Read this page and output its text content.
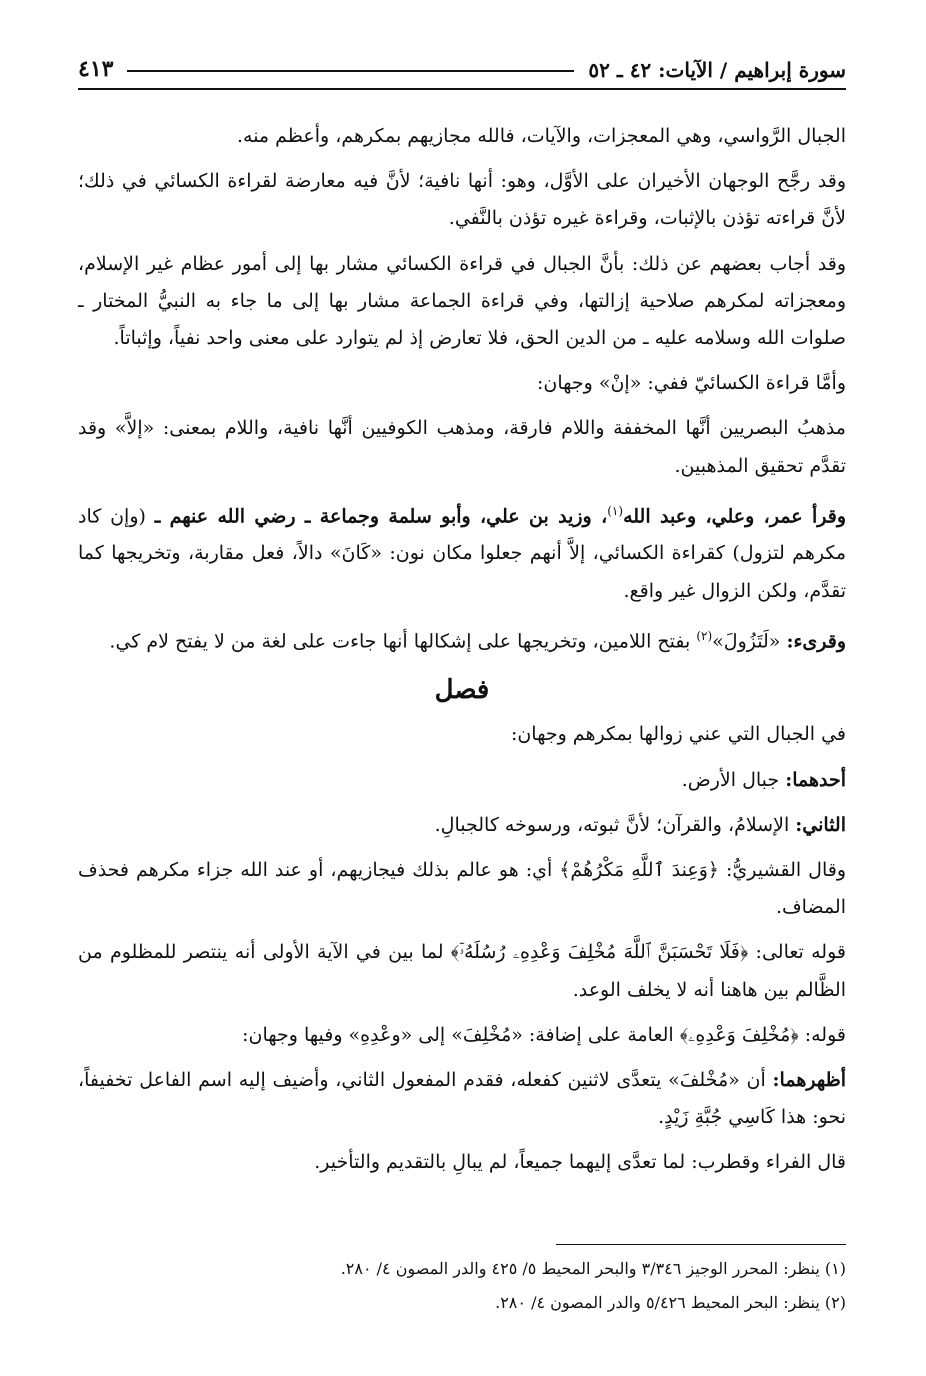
سورة إبراهيم / الآيات: ٤٢ ـ ٥٢
٤١٣

الجبال الرَّواسي، وهي المعجزات، والآيات، فالله مجازيهم بمكرهم، وأعظم منه.

وقد رجَّح الوجهان الأخيران على الأوَّل، وهو: أنها نافية؛ لأنَّ فيه معارضة لقراءة الكسائي في ذلك؛ لأنَّ قراءته تؤذن بالإثبات، وقراءة غيره تؤذن بالنَّفي.

وقد أجاب بعضهم عن ذلك: بأنَّ الجبال في قراءة الكسائي مشار بها إلى أمور عظام غير الإسلام، ومعجزاته لمكرهم صلاحية إزالتها، وفي قراءة الجماعة مشار بها إلى ما جاء به النبيُّ المختار ـ صلوات الله وسلامه عليه ـ من الدين الحق، فلا تعارض إذ لم يتوارد على معنى واحد نفياً، وإثباتاً.

وأمَّا قراءة الكسائيّ ففي: «إنْ» وجهان:

مذهبُ البصريين أنَّها المخففة واللام فارقة، ومذهب الكوفيين أنَّها نافية، واللام بمعنى: «إلاَّ» وقد تقدَّم تحقيق المذهبين.

وقرأ عمر، وعلي، وعبد الله$^{(١)}$، وزيد بن علي، وأبو سلمة وجماعة ـ رضي الله عنهم ـ (وإن كاد مكرهم لتزول) كقراءة الكسائي، إلاَّ أنهم جعلوا مكان نون: «كَانَ» دالاً، فعل مقاربة، وتخريجها كما تقدَّم، ولكن الزوال غير واقع.

وقرىء: «لَتَزُولَ»$^{(٢)}$ بفتح اللامين، وتخريجها على إشكالها أنها جاءت على لغة من لا يفتح لام كي.

فصل

في الجبال التي عني زوالها بمكرهم وجهان:

أحدهما: جبال الأرض.

الثاني: الإسلامُ، والقرآن؛ لأنَّ ثبوته، ورسوخه كالجبالِ.

وقال القشيريُّ: ﴿وَعِندَ ٱللَّهِ مَكْرُهُمْ﴾ أي: هو عالم بذلك فيجازيهم، أو عند الله جزاء مكرهم فحذف المضاف.

قوله تعالى: ﴿فَلَا تَحْسَبَنَّ ٱللَّهَ مُخْلِفَ وَعْدِهِۦ رُسُلَهُۥٓ﴾ لما بين في الآية الأولى أنه ينتصر للمظلوم من الظَّالم بين هاهنا أنه لا يخلف الوعد.

قوله: ﴿مُخْلِفَ وَعْدِهِۦ﴾ العامة على إضافة: «مُخْلِفَ» إلى «وعْدِهِ» وفيها وجهان:

أظهرهما: أن «مُخْلفَ» يتعدَّى لاثنين كفعله، فقدم المفعول الثاني، وأضيف إليه اسم الفاعل تخفيفاً، نحو: هذا كَاسِي جُبَّةِ زَيْدٍ.

قال الفراء وقطرب: لما تعدَّى إليهما جميعاً، لم يبالِ بالتقديم والتأخير.

(١) ينظر: المحرر الوجيز ٣/٣٤٦ والبحر المحيط ٥/ ٤٢٥ والدر المصون ٤/ ٢٨٠.
(٢) ينظر: البحر المحيط ٥/٤٢٦ والدر المصون ٤/ ٢٨٠.
